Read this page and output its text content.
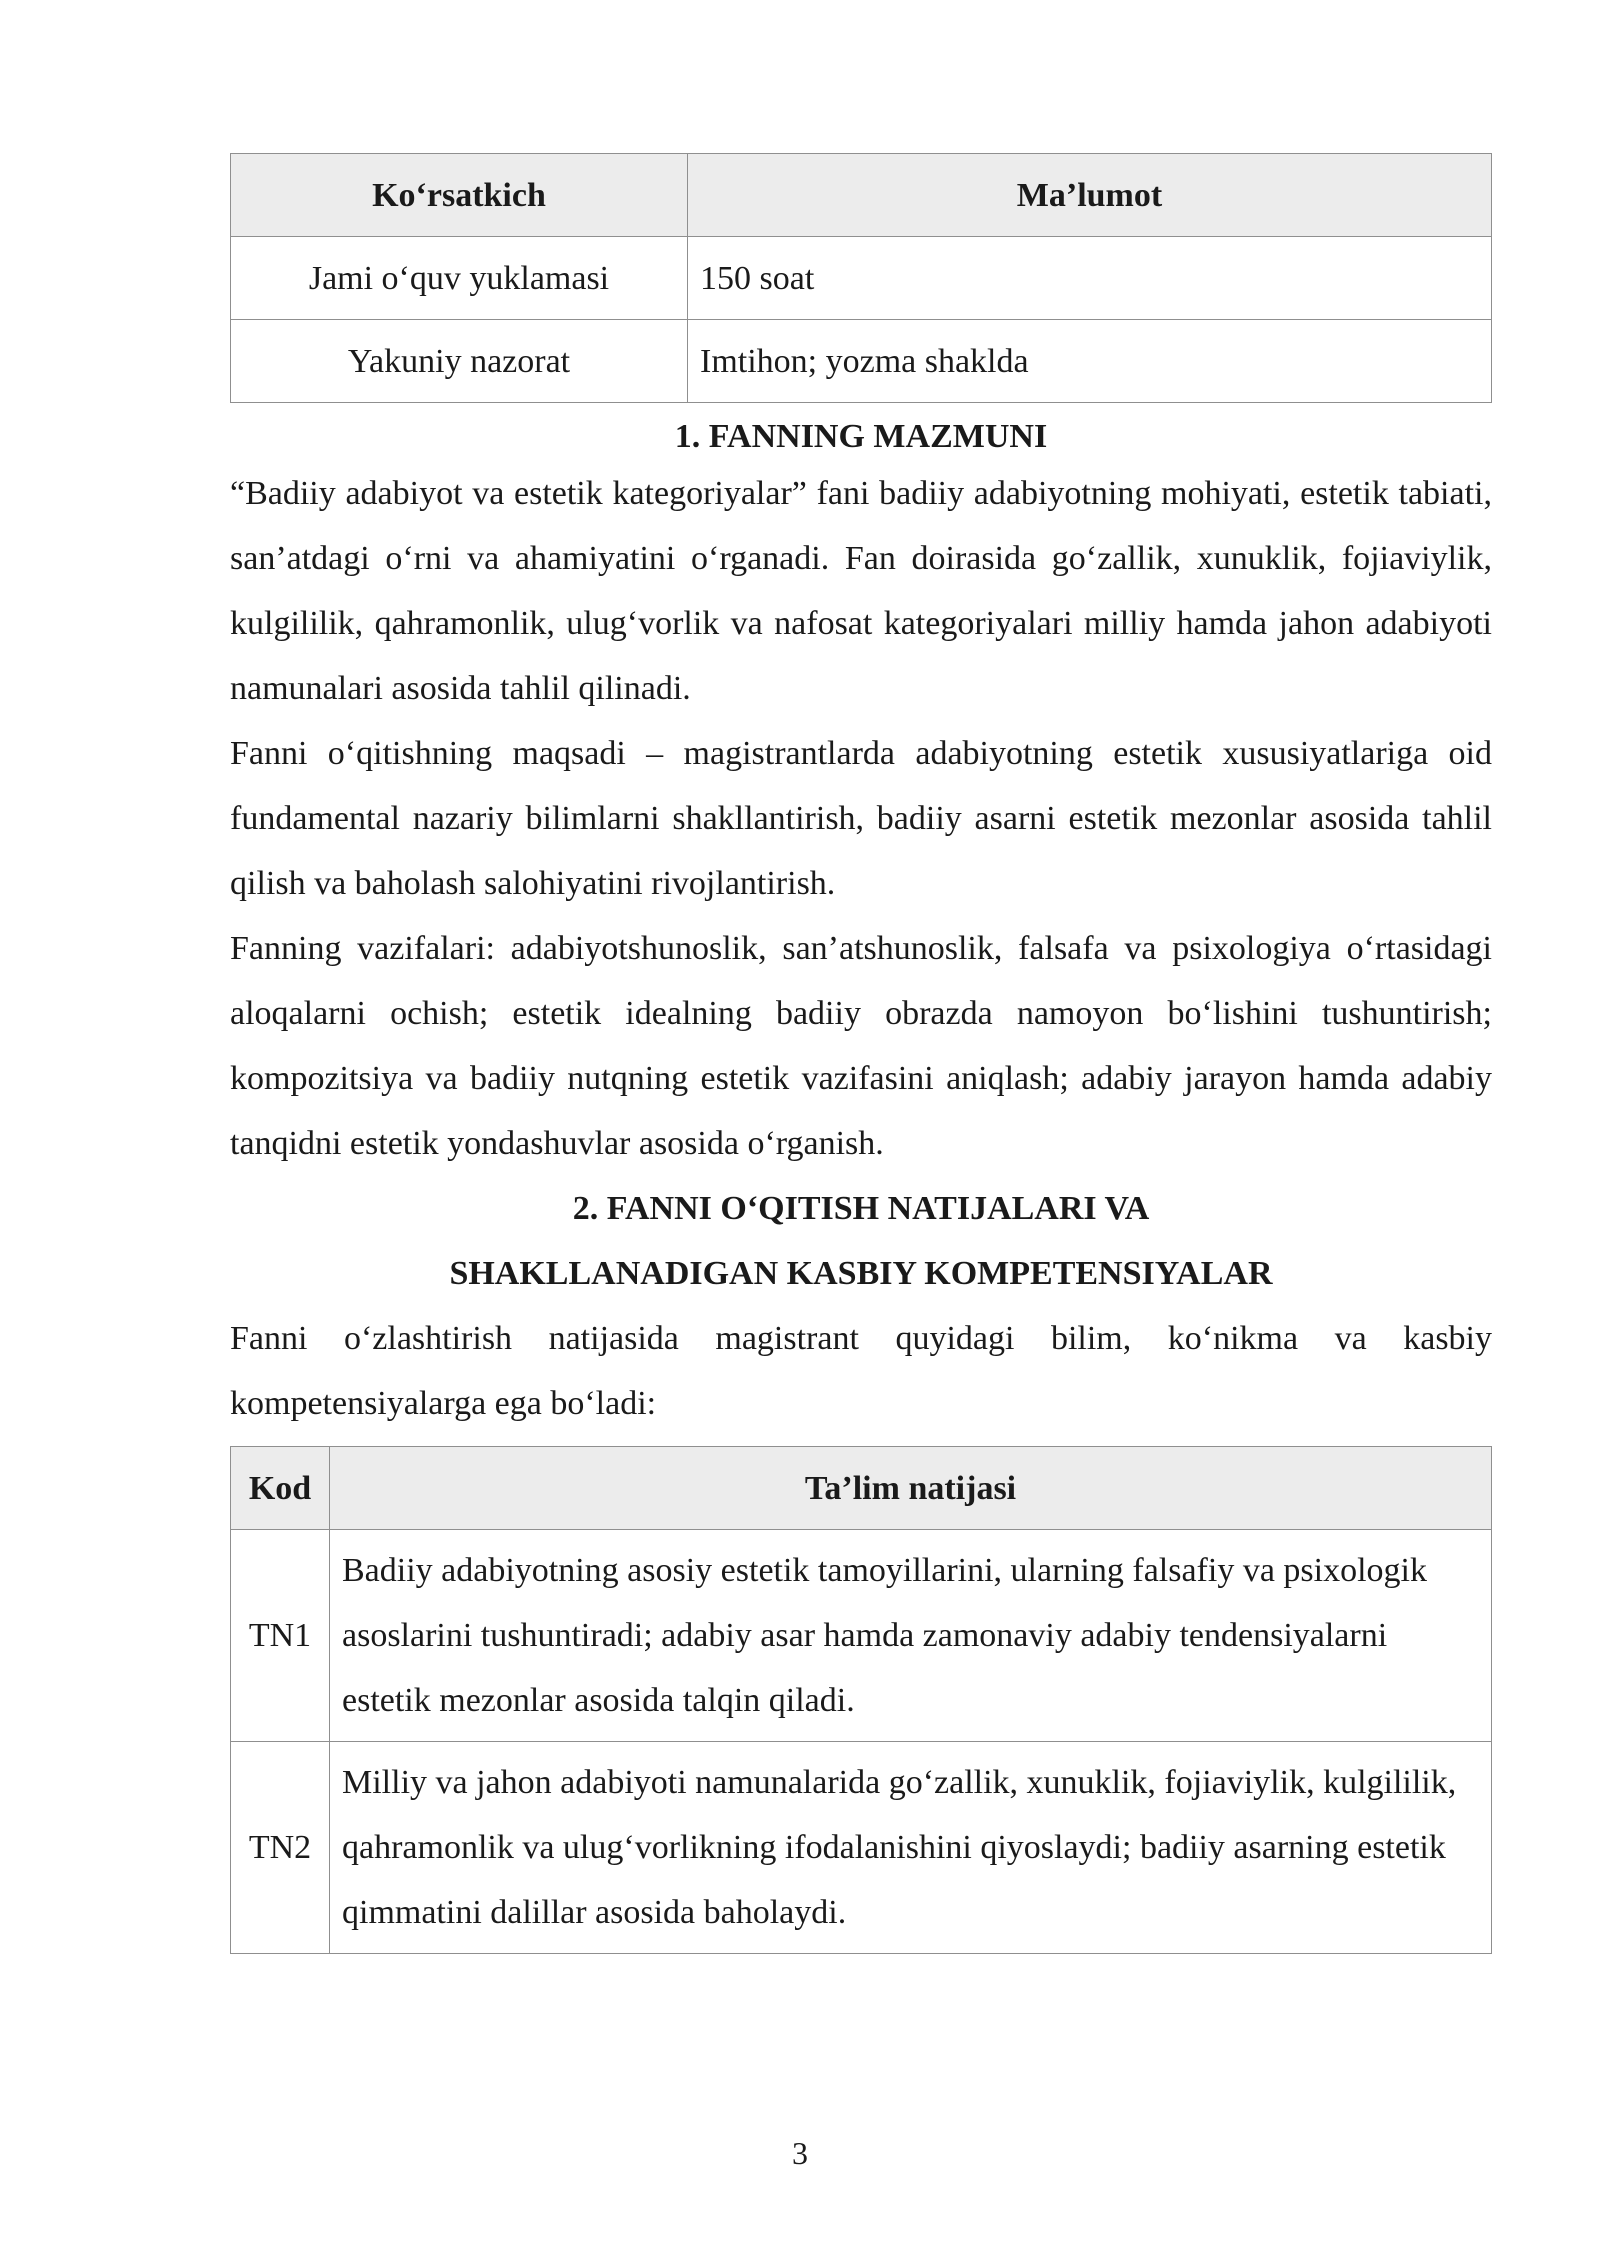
Ko‘rsatkich	Ma’lumot
Jami o‘quv yuklamasi	150 soat
Yakuniy nazorat	Imtihon; yozma shaklda

1. FANNING MAZMUNI

“Badiiy adabiyot va estetik kategoriyalar” fani badiiy adabiyotning mohiyati, estetik tabiati, san’atdagi o‘rni va ahamiyatini o‘rganadi. Fan doirasida go‘zallik, xunuklik, fojiaviylik, kulgililik, qahramonlik, ulug‘vorlik va nafosat kategoriyalari milliy hamda jahon adabiyoti namunalari asosida tahlil qilinadi.

Fanni o‘qitishning maqsadi – magistrantlarda adabiyotning estetik xususiyatlariga oid fundamental nazariy bilimlarni shakllantirish, badiiy asarni estetik mezonlar asosida tahlil qilish va baholash salohiyatini rivojlantirish.

Fanning vazifalari: adabiyotshunoslik, san’atshunoslik, falsafa va psixologiya o‘rtasidagi aloqalarni ochish; estetik idealning badiiy obrazda namoyon bo‘lishini tushuntirish; kompozitsiya va badiiy nutqning estetik vazifasini aniqlash; adabiy jarayon hamda adabiy tanqidni estetik yondashuvlar asosida o‘rganish.

2. FANNI O‘QITISH NATIJALARI VA

SHAKLLANADIGAN KASBIY KOMPETENSIYALAR

Fanni o‘zlashtirish natijasida magistrant quyidagi bilim, ko‘nikma va kasbiy kompetensiyalarga ega bo‘ladi:

Kod	Ta’lim natijasi
TN1	Badiiy adabiyotning asosiy estetik tamoyillarini, ularning falsafiy va psixologik asoslarini tushuntiradi; adabiy asar hamda zamonaviy adabiy tendensiyalarni estetik mezonlar asosida talqin qiladi.
TN2	Milliy va jahon adabiyoti namunalarida go‘zallik, xunuklik, fojiaviylik, kulgililik, qahramonlik va ulug‘vorlikning ifodalanishini qiyoslaydi; badiiy asarning estetik qimmatini dalillar asosida baholaydi.
3
